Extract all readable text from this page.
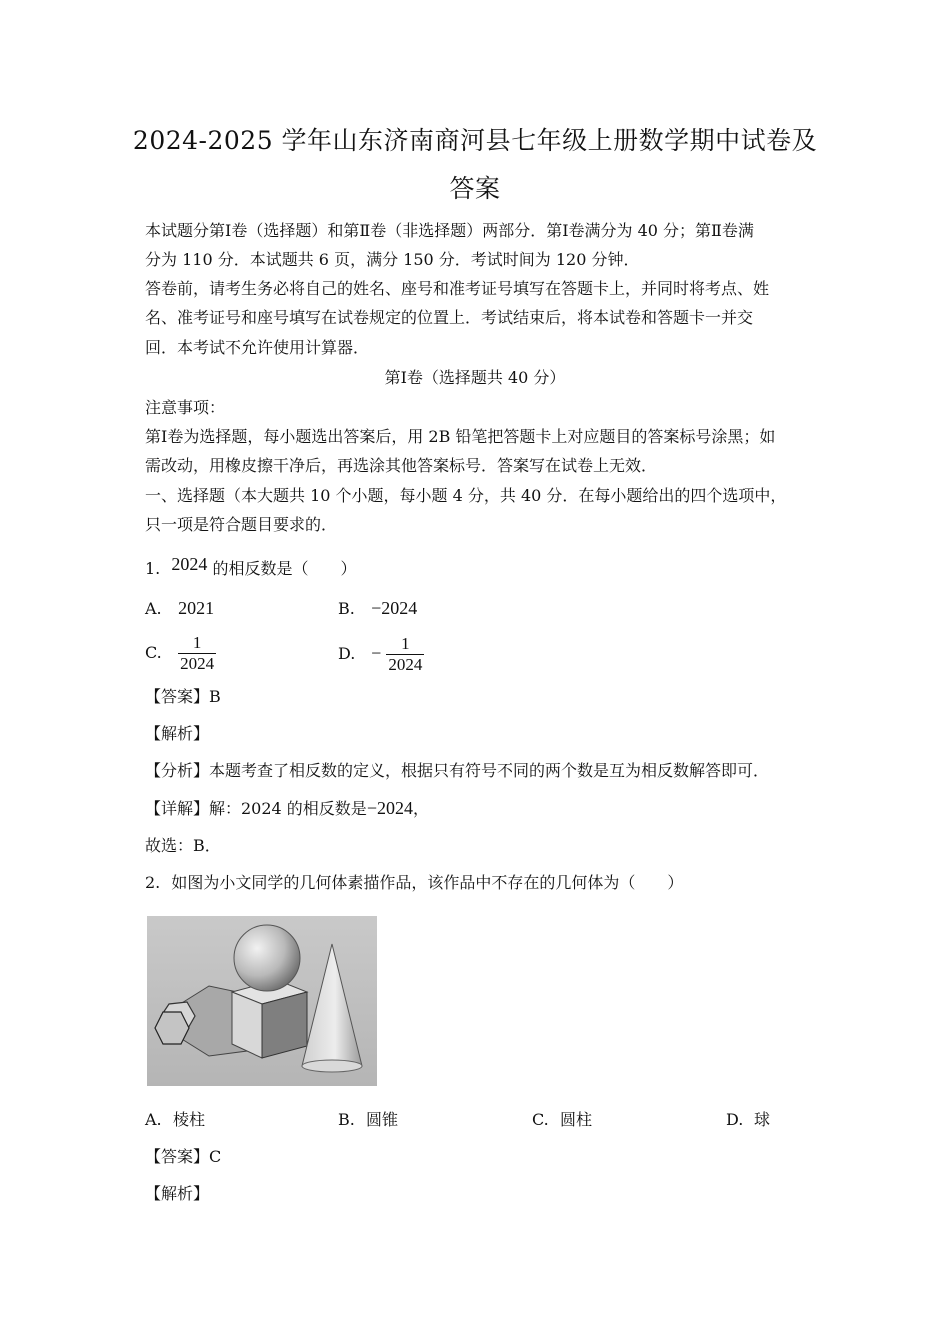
2024-2025 学年山东济南商河县七年级上册数学期中试卷及
答案
本试题分第Ⅰ卷（选择题）和第Ⅱ卷（非选择题）两部分．第Ⅰ卷满分为 40 分；第Ⅱ卷满
分为 110 分．本试题共 6 页，满分 150 分．考试时间为 120 分钟．
答卷前，请考生务必将自己的姓名、座号和准考证号填写在答题卡上，并同时将考点、姓
名、准考证号和座号填写在试卷规定的位置上．考试结束后，将本试卷和答题卡一并交
回．本考试不允许使用计算器．
第Ⅰ卷（选择题共 40 分）
注意事项：
第Ⅰ卷为选择题，每小题选出答案后，用 2B 铅笔把答题卡上对应题目的答案标号涂黑；如
需改动，用橡皮擦干净后，再选涂其他答案标号．答案写在试卷上无效．
一、选择题（本大题共 10 个小题，每小题 4 分，共 40 分．在每小题给出的四个选项中，
只一项是符合题目要求的．
1. 2024 的相反数是（　　）
A. 2021	B. −2024
C. $\frac{1}{2024}$	D. − $\frac{1}{2024}$
【答案】B
【解析】
【分析】本题考查了相反数的定义，根据只有符号不同的两个数是互为相反数解答即可．
【详解】解：2024 的相反数是−2024，
故选：B．
2. 如图为小文同学的几何体素描作品，该作品中不存在的几何体为（　　）
A. 棱柱	B. 圆锥	C. 圆柱	D. 球
【答案】C
【解析】
